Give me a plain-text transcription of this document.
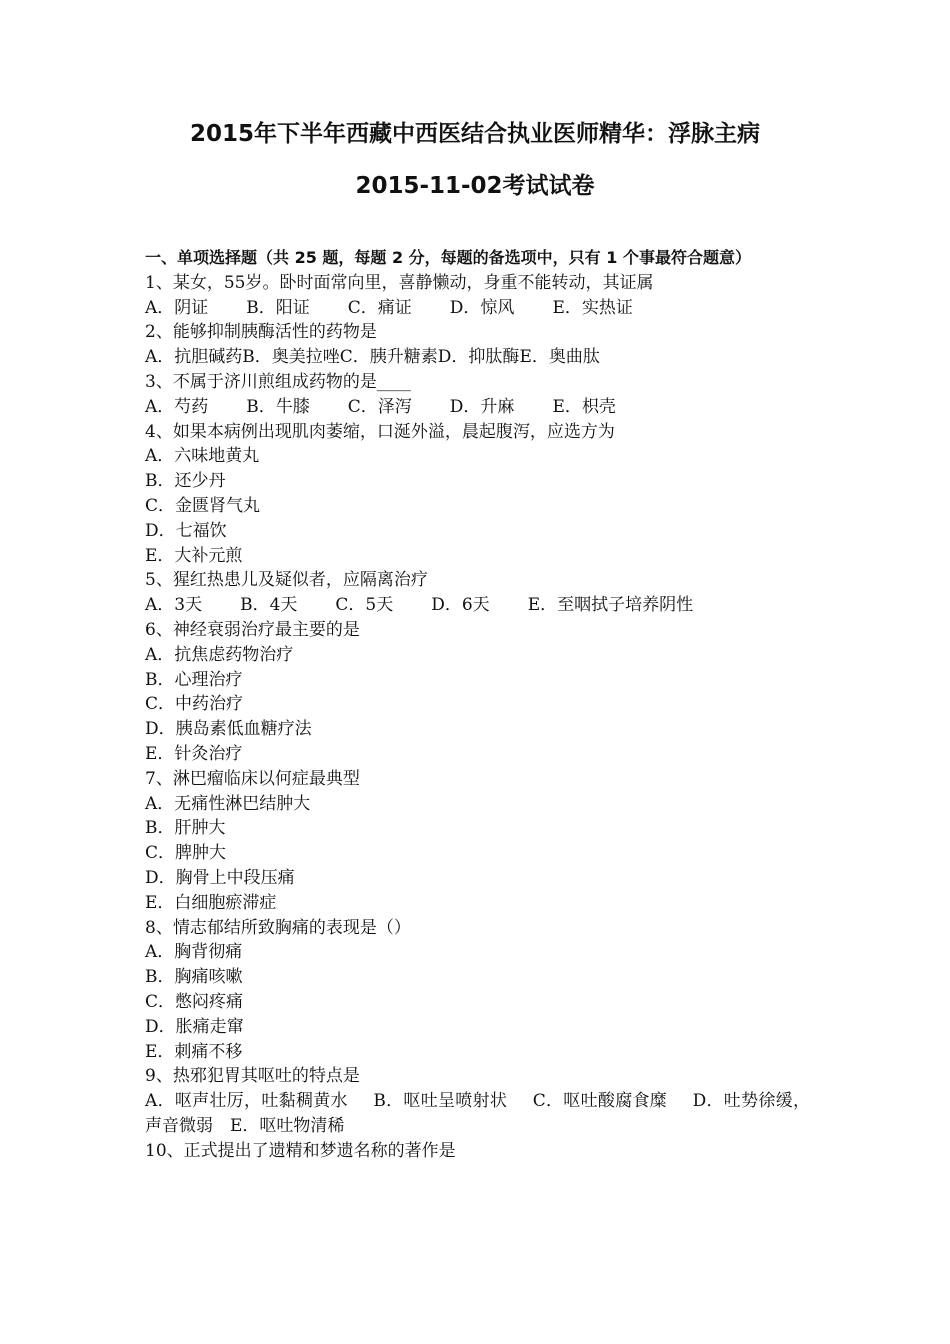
2015年下半年西藏中西医结合执业医师精华：浮脉主病
2015-11-02考试试卷
一、单项选择题（共 25 题，每题 2 分，每题的备选项中，只有 1 个事最符合题意）
1、某女，55岁。卧时面常向里，喜静懒动，身重不能转动，其证属
A．阴证 B．阳证 C．痛证 D．惊风 E．实热证
2、能够抑制胰酶活性的药物是
A．抗胆碱药 B．奥美拉唑 C．胰升糖素 D．抑肽酶 E．奥曲肽
3、不属于济川煎组成药物的是____
A．芍药 B．牛膝 C．泽泻 D．升麻 E．枳壳
4、如果本病例出现肌肉萎缩，口涎外溢，晨起腹泻，应选方为
A．六味地黄丸
B．还少丹
C．金匮肾气丸
D．七福饮
E．大补元煎
5、猩红热患儿及疑似者，应隔离治疗
A．3天 B．4天 C．5天 D．6天 E．至咽拭子培养阴性
6、神经衰弱治疗最主要的是
A．抗焦虑药物治疗
B．心理治疗
C．中药治疗
D．胰岛素低血糖疗法
E．针灸治疗
7、淋巴瘤临床以何症最典型
A．无痛性淋巴结肿大
B．肝肿大
C．脾肿大
D．胸骨上中段压痛
E．白细胞瘀滞症
8、情志郁结所致胸痛的表现是（）
A．胸背彻痛
B．胸痛咳嗽
C．憋闷疼痛
D．胀痛走窜
E．刺痛不移
9、热邪犯胃其呕吐的特点是
A．呕声壮厉，吐黏稠黄水   B．呕吐呈喷射状   C．呕吐酸腐食糜   D．吐势徐缓，声音微弱  E．呕吐物清稀
10、正式提出了遗精和梦遗名称的著作是
